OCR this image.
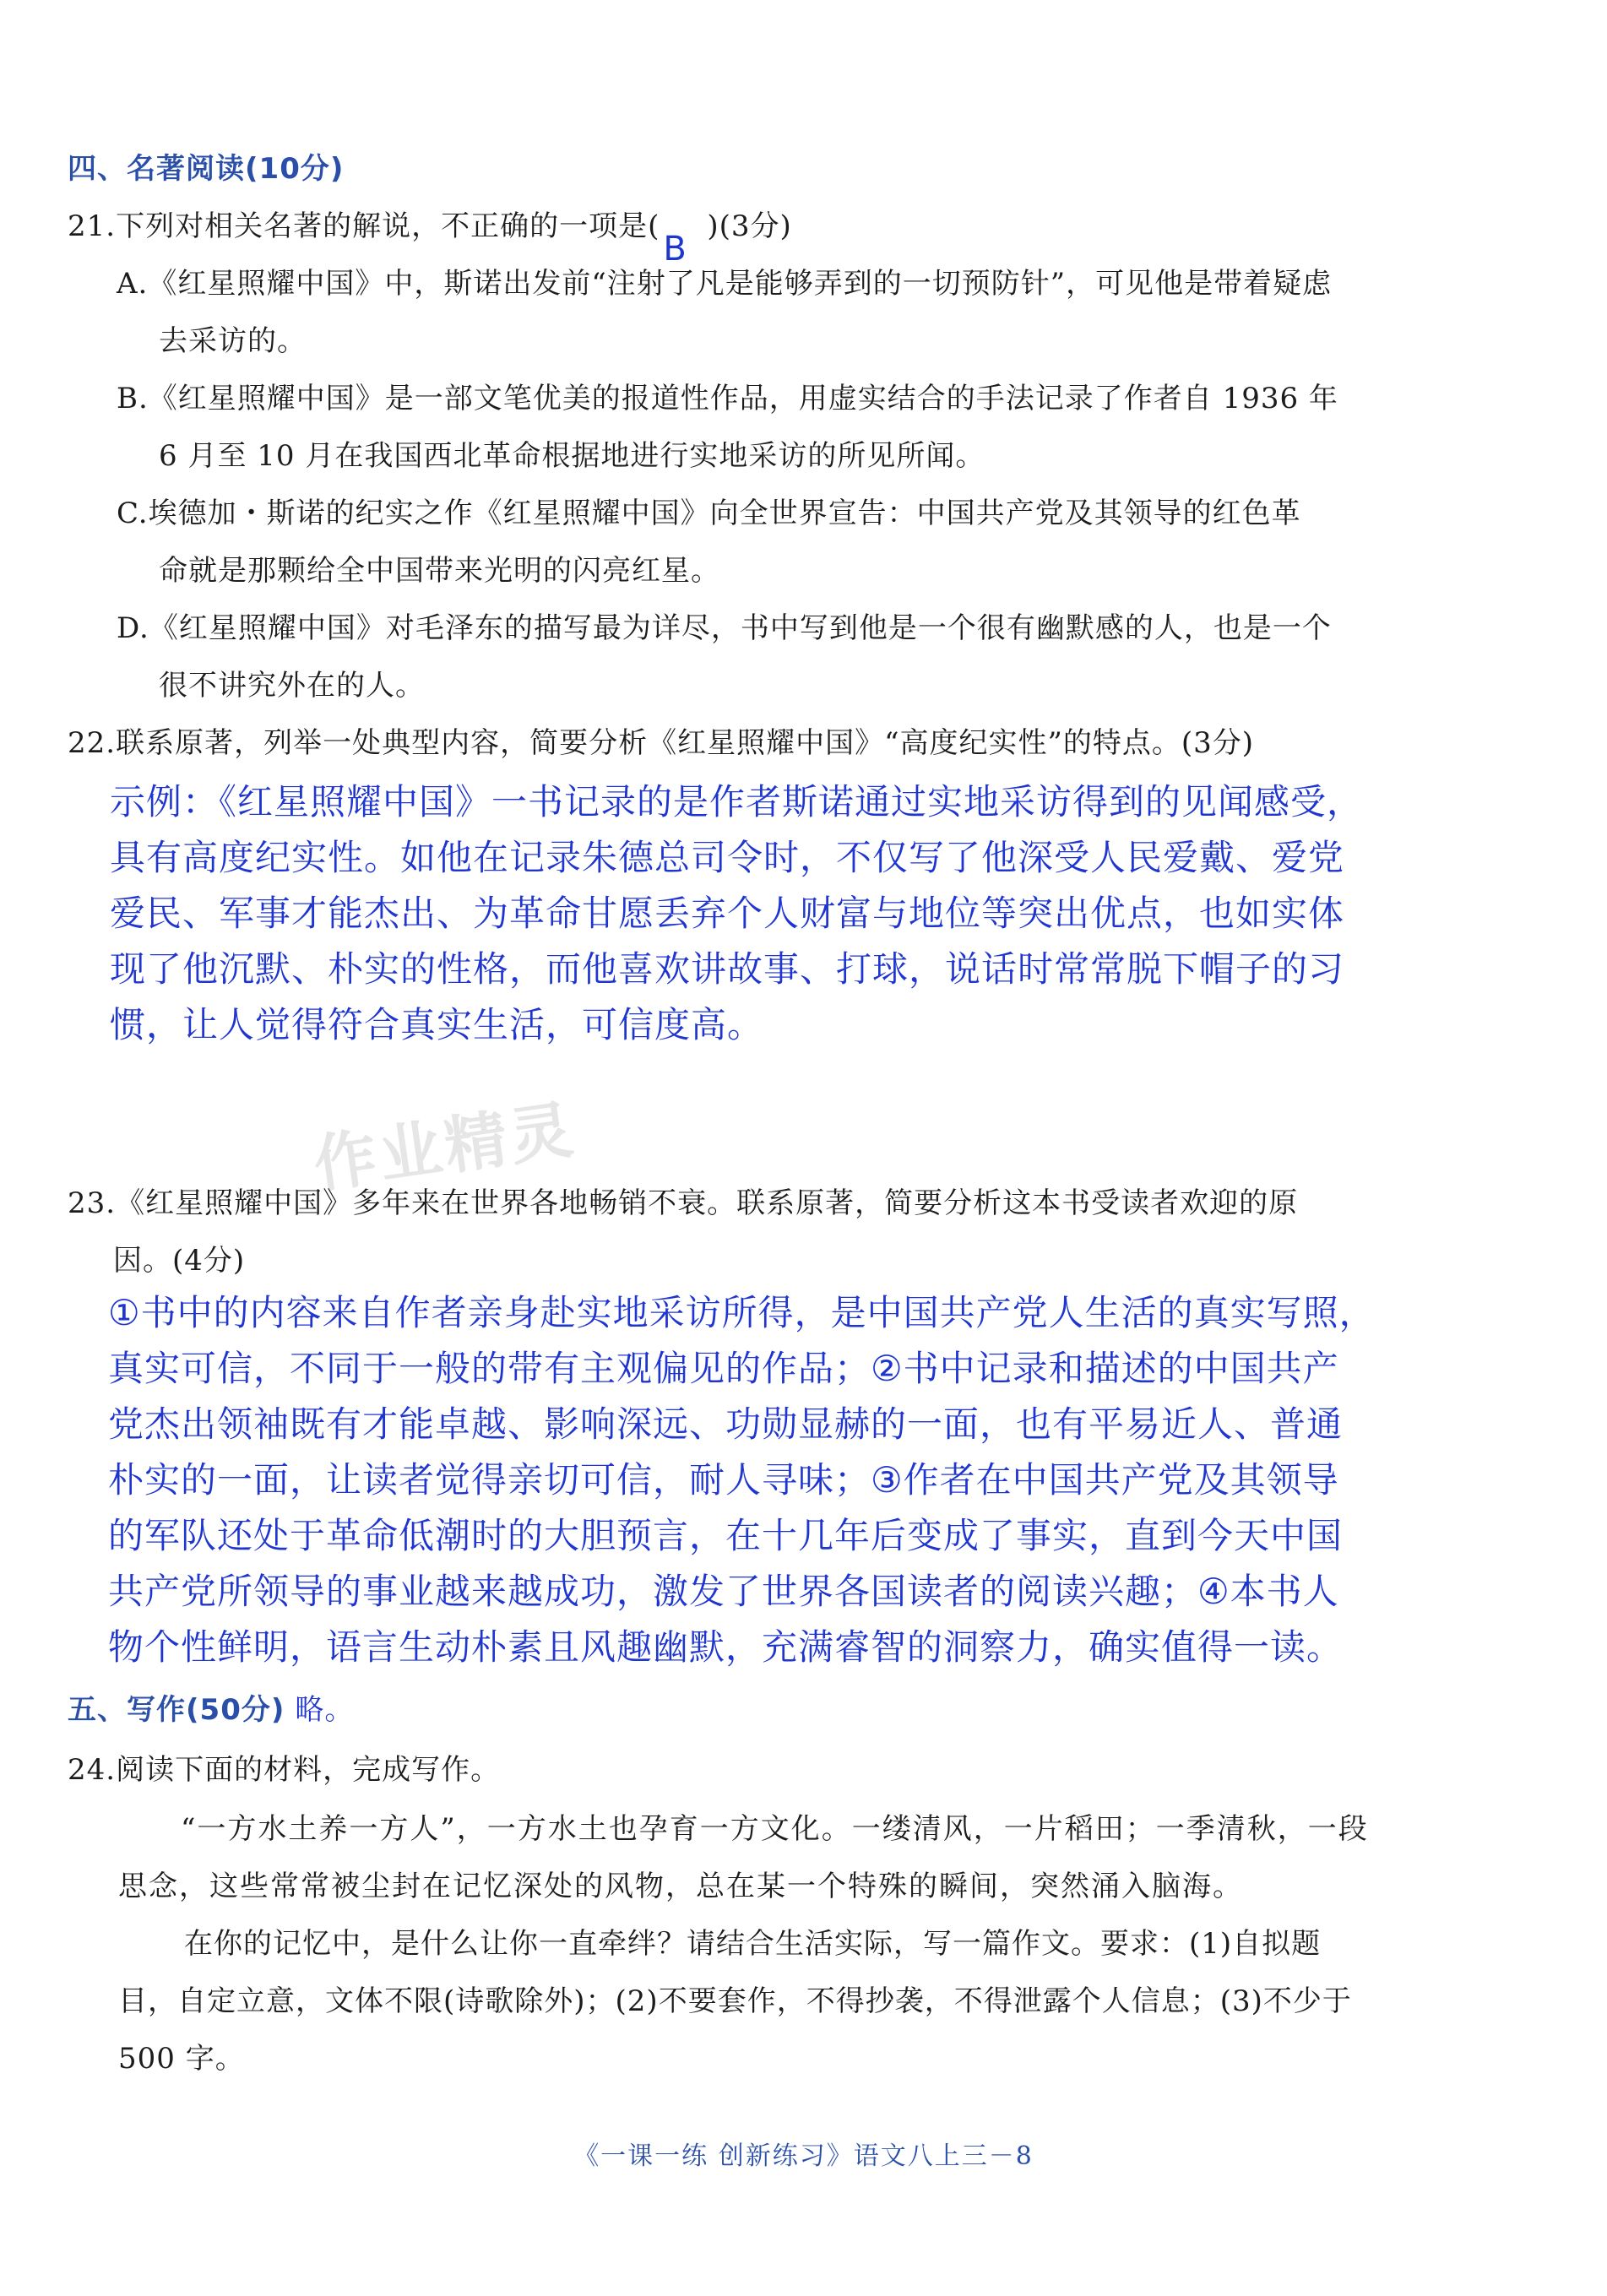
作业精灵
四、名著阅读(10分)
21.下列对相关名著的解说，不正确的一项是(
B
)(3分)
A.《红星照耀中国》中，斯诺出发前“注射了凡是能够弄到的一切预防针”，可见他是带着疑虑
去采访的。
B.《红星照耀中国》是一部文笔优美的报道性作品，用虚实结合的手法记录了作者自 1936 年
6 月至 10 月在我国西北革命根据地进行实地采访的所见所闻。
C.埃德加・斯诺的纪实之作《红星照耀中国》向全世界宣告：中国共产党及其领导的红色革
命就是那颗给全中国带来光明的闪亮红星。
D.《红星照耀中国》对毛泽东的描写最为详尽，书中写到他是一个很有幽默感的人，也是一个
很不讲究外在的人。
22.联系原著，列举一处典型内容，简要分析《红星照耀中国》“高度纪实性”的特点。(3分)
示例：《红星照耀中国》一书记录的是作者斯诺通过实地采访得到的见闻感受，
具有高度纪实性。如他在记录朱德总司令时，不仅写了他深受人民爱戴、爱党
爱民、军事才能杰出、为革命甘愿丢弃个人财富与地位等突出优点，也如实体
现了他沉默、朴实的性格，而他喜欢讲故事、打球，说话时常常脱下帽子的习
惯，让人觉得符合真实生活，可信度高。
23.《红星照耀中国》多年来在世界各地畅销不衰。联系原著，简要分析这本书受读者欢迎的原
因。(4分)
①书中的内容来自作者亲身赴实地采访所得，是中国共产党人生活的真实写照，
真实可信，不同于一般的带有主观偏见的作品；②书中记录和描述的中国共产
党杰出领袖既有才能卓越、影响深远、功勋显赫的一面，也有平易近人、普通
朴实的一面，让读者觉得亲切可信，耐人寻味；③作者在中国共产党及其领导
的军队还处于革命低潮时的大胆预言，在十几年后变成了事实，直到今天中国
共产党所领导的事业越来越成功，激发了世界各国读者的阅读兴趣；④本书人
物个性鲜明，语言生动朴素且风趣幽默，充满睿智的洞察力，确实值得一读。
五、写作(50分) 略。
24.阅读下面的材料，完成写作。
“一方水土养一方人”，一方水土也孕育一方文化。一缕清风，一片稻田；一季清秋，一段
思念，这些常常被尘封在记忆深处的风物，总在某一个特殊的瞬间，突然涌入脑海。
在你的记忆中，是什么让你一直牵绊？请结合生活实际，写一篇作文。要求：(1)自拟题
目，自定立意，文体不限(诗歌除外)；(2)不要套作，不得抄袭，不得泄露个人信息；(3)不少于
500 字。
《一课一练 创新练习》语文八上三－8
